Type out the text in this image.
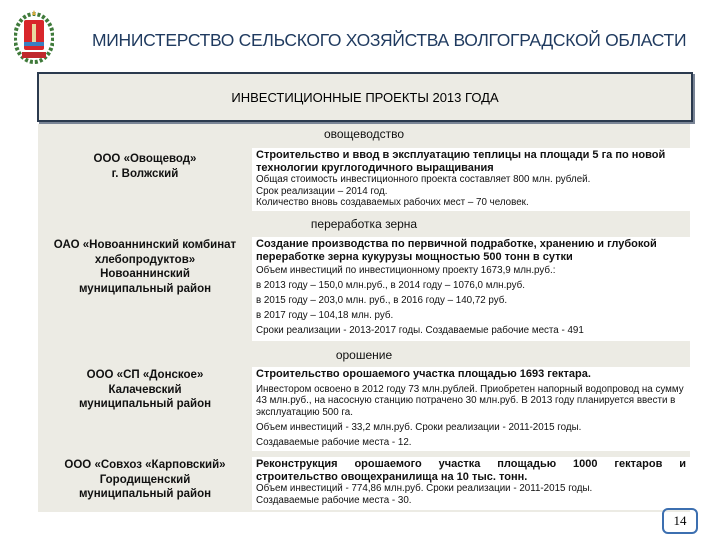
МИНИСТЕРСТВО СЕЛЬСКОГО ХОЗЯЙСТВА ВОЛГОГРАДСКОЙ ОБЛАСТИ
ИНВЕСТИЦИОННЫЕ ПРОЕКТЫ 2013 ГОДА
овощеводство
ООО «Овощевод»
г. Волжский
Строительство и ввод в эксплуатацию теплицы на площади 5 га по новой технологии круглогодичного выращивания
Общая стоимость инвестиционного проекта составляет 800 млн. рублей.
Срок реализации – 2014 год.
Количество вновь создаваемых рабочих мест – 70 человек.
переработка зерна
ОАО «Новоаннинский комбинат
хлебопродуктов»
Новоаннинский
муниципальный район
Создание производства по первичной подработке, хранению и глубокой переработке зерна кукурузы мощностью 500 тонн в сутки
Объем инвестиций по инвестиционному проекту 1673,9 млн.руб.:
в 2013 году – 150,0 млн.руб., в 2014 году – 1076,0 млн.руб.
в 2015 году – 203,0 млн. руб., в 2016 году – 140,72 руб.
в 2017 году – 104,18 млн. руб.
Сроки реализации - 2013-2017 годы. Создаваемые рабочие места - 491
орошение
ООО «СП «Донское»
Калачевский
муниципальный район
Строительство орошаемого участка площадью 1693 гектара.
Инвестором освоено в 2012 году 73 млн.рублей. Приобретен напорный водопровод на сумму 43 млн.руб., на насосную станцию потрачено 30 млн.руб. В 2013 году планируется ввести в эксплуатацию 500 га.
Объем инвестиций - 33,2 млн.руб. Сроки реализации - 2011-2015 годы.
Создаваемые рабочие места - 12.
ООО «Совхоз «Карповский»
Городищенский
муниципальный район
Реконструкция орошаемого участка площадью 1000 гектаров и строительство овощехранилища на 10 тыс. тонн.
Объем инвестиций - 774,86 млн.руб. Сроки реализации - 2011-2015 годы.
Создаваемые рабочие места - 30.
14
